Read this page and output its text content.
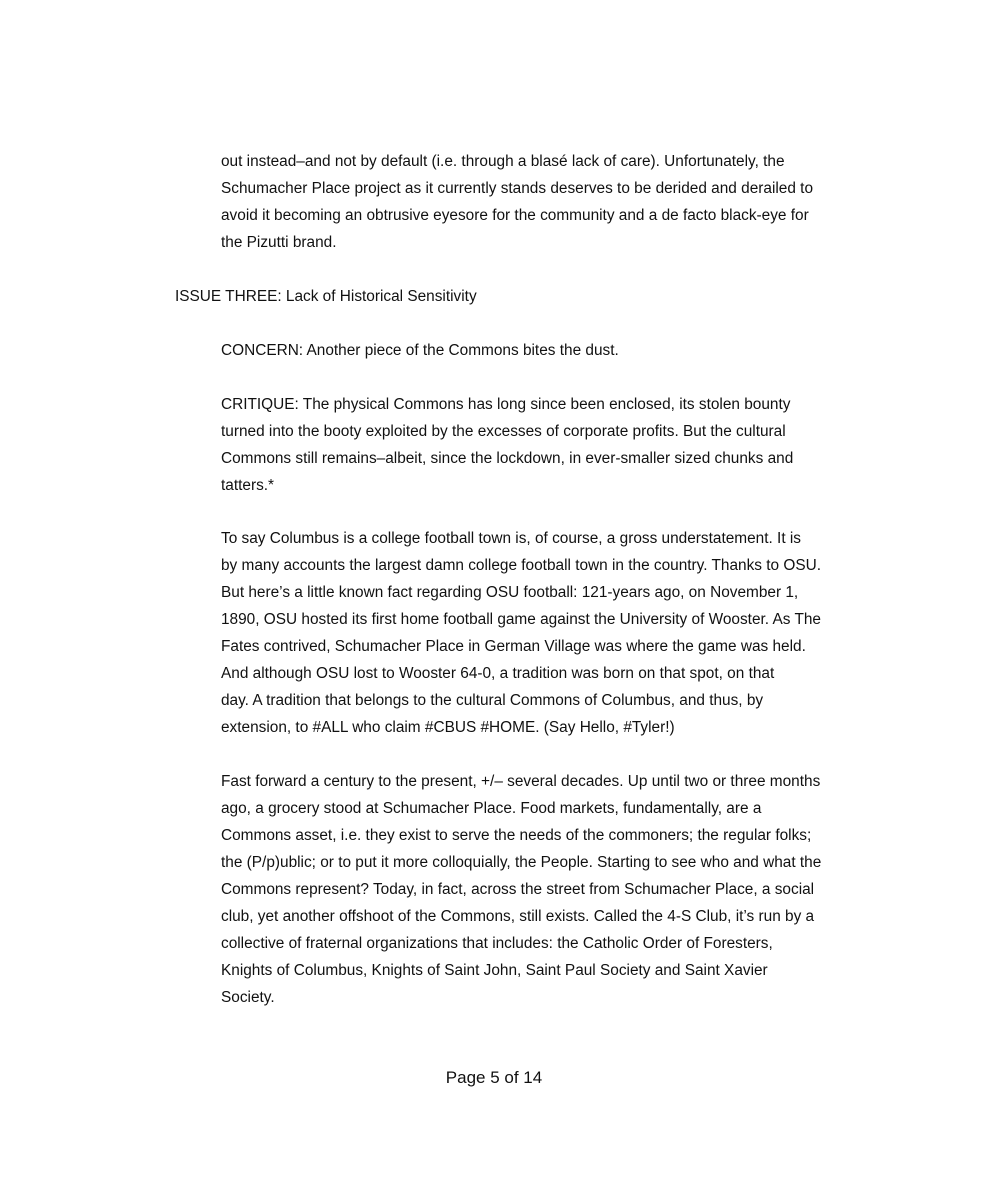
out instead–and not by default (i.e. through a blasé lack of care). Unfortunately, the
Schumacher Place project as it currently stands deserves to be derided and derailed to
avoid it becoming an obtrusive eyesore for the community and a de facto black-eye for
the Pizutti brand.

ISSUE THREE: Lack of Historical Sensitivity

CONCERN: Another piece of the Commons bites the dust.

CRITIQUE: The physical Commons has long since been enclosed, its stolen bounty
turned into the booty exploited by the excesses of corporate profits. But the cultural
Commons still remains–albeit, since the lockdown, in ever-smaller sized chunks and
tatters.*

To say Columbus is a college football town is, of course, a gross understatement. It is
by many accounts the largest damn college football town in the country. Thanks to OSU.
But here’s a little known fact regarding OSU football: 121-years ago, on November 1,
1890, OSU hosted its first home football game against the University of Wooster. As The
Fates contrived, Schumacher Place in German Village was where the game was held.
And although OSU lost to Wooster 64-0, a tradition was born on that spot, on that
day. A tradition that belongs to the cultural Commons of Columbus, and thus, by
extension, to #ALL who claim #CBUS #HOME. (Say Hello, #Tyler!)

Fast forward a century to the present, +/– several decades. Up until two or three months
ago, a grocery stood at Schumacher Place. Food markets, fundamentally, are a
Commons asset, i.e. they exist to serve the needs of the commoners; the regular folks;
the (P/p)ublic; or to put it more colloquially, the People. Starting to see who and what the
Commons represent? Today, in fact, across the street from Schumacher Place, a social
club, yet another offshoot of the Commons, still exists. Called the 4-S Club, it’s run by a
collective of fraternal organizations that includes: the Catholic Order of Foresters,
Knights of Columbus, Knights of Saint John, Saint Paul Society and Saint Xavier
Society.

Page 5 of 14
